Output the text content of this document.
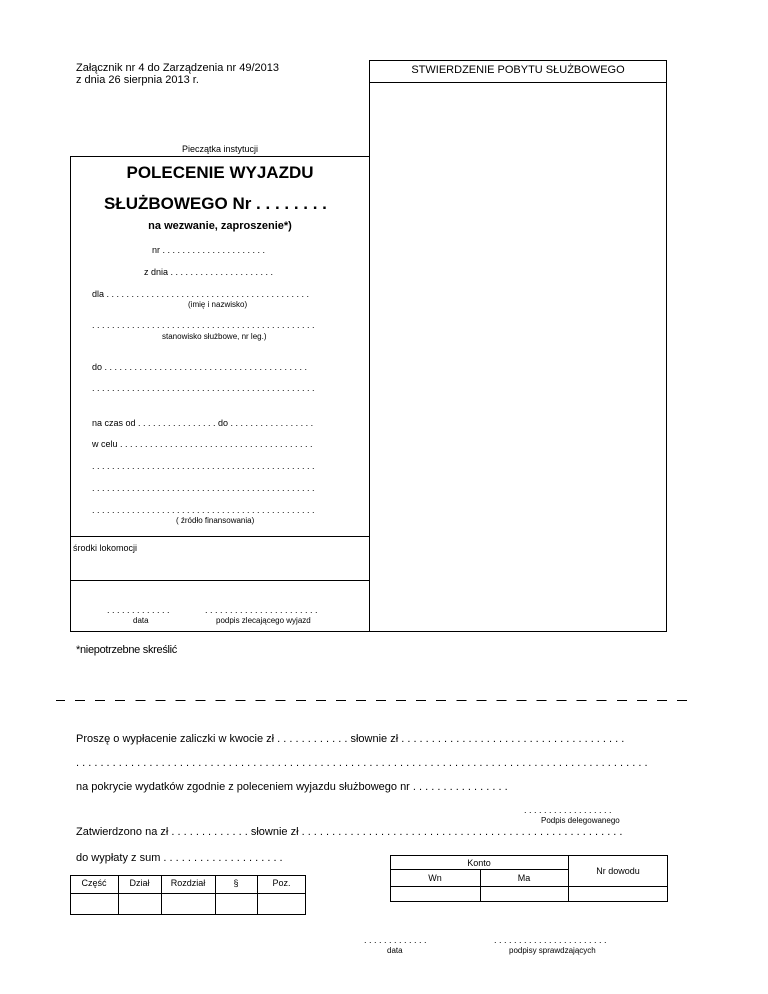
Załącznik nr 4 do Zarządzenia nr 49/2013
z dnia 26 sierpnia 2013 r.
STWIERDZENIE POBYTU SŁUŻBOWEGO
Pieczątka instytucji
POLECENIE WYJAZDU
SŁUŻBOWEGO Nr . . . . . . . .
na wezwanie, zaproszenie*)
nr . . . . . . . . . . . . . . . . . . . . .
z dnia . . . . . . . . . . . . . . . . . . . . .
dla . . . . . . . . . . . . . . . . . . . . . . . . . . . . . . . . . . . . . . . . .
(imię i nazwisko)
. . . . . . . . . . . . . . . . . . . . . . . . . . . . . . . . . . . . . . . . . . . . .
stanowisko służbowe, nr leg.)
do . . . . . . . . . . . . . . . . . . . . . . . . . . . . . . . . . . . . . . . . .
. . . . . . . . . . . . . . . . . . . . . . . . . . . . . . . . . . . . . . . . . . . . .
na czas od . . . . . . . . . . . . . . . . do . . . . . . . . . . . . . . . . .
w celu . . . . . . . . . . . . . . . . . . . . . . . . . . . . . . . . . . . . . . .
. . . . . . . . . . . . . . . . . . . . . . . . . . . . . . . . . . . . . . . . . . . . .
. . . . . . . . . . . . . . . . . . . . . . . . . . . . . . . . . . . . . . . . . . . . .
. . . . . . . . . . . . . . . . . . . . . . . . . . . . . . . . . . . . . . . . . . . . .
( źródło finansowania)
środki lokomocji
. . . . . . . . . . . . .
data
. . . . . . . . . . . . . . . . . . . . . . .
podpis zlecającego wyjazd
*niepotrzebne skreślić
Proszę o wypłacenie zaliczki w kwocie zł . . . . . . . . . . . . słownie zł . . . . . . . . . . . . . . . . . . . . . . . . . . . . . . . . . . . . .
. . . . . . . . . . . . . . . . . . . . . . . . . . . . . . . . . . . . . . . . . . . . . . . . . . . . . . . . . . . . . . . . . . . . . . . . . . . . . . . . . . . . . . . . . . . . . .
na pokrycie wydatków zgodnie z poleceniem wyjazdu służbowego nr . . . . . . . . . . . . . . . .
. . . . . . . . . . . . . . . . . .
Podpis delegowanego
Zatwierdzono na zł . . . . . . . . . . . . . słownie zł . . . . . . . . . . . . . . . . . . . . . . . . . . . . . . . . . . . . . . . . . . . . . . . . . . . . .
do wypłaty z sum . . . . . . . . . . . . . . . . . . . .
Część	Dział	Rozdział	§	Poz.
Konto
Wn	Ma
Nr dowodu
. . . . . . . . . . . . .
data
. . . . . . . . . . . . . . . . . . . . . . .
podpisy sprawdzających
